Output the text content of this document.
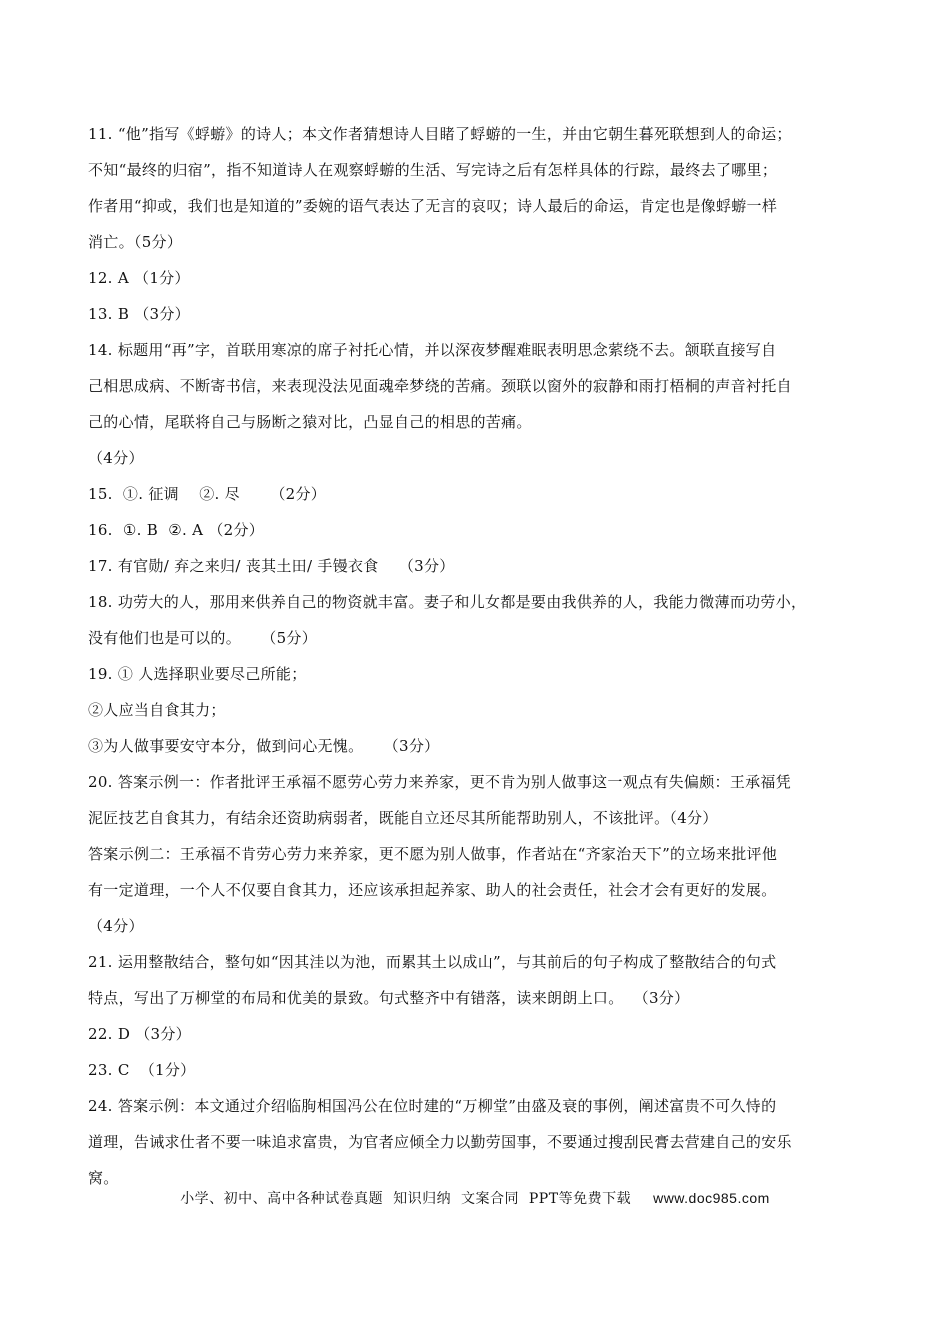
11. “他”指写《蜉蝣》的诗人；本文作者猜想诗人目睹了蜉蝣的一生，并由它朝生暮死联想到人的命运；
不知“最终的归宿”，指不知道诗人在观察蜉蝣的生活、写完诗之后有怎样具体的行踪，最终去了哪里；
作者用“抑或，我们也是知道的”委婉的语气表达了无言的哀叹；诗人最后的命运，肯定也是像蜉蝣一样
消亡。（5分）
12. A （1分）
13. B （3分）
14. 标题用“再”字，首联用寒凉的席子衬托心情，并以深夜梦醒难眠表明思念萦绕不去。颔联直接写自
己相思成病、不断寄书信，来表现没法见面魂牵梦绕的苦痛。颈联以窗外的寂静和雨打梧桐的声音衬托自
己的心情，尾联将自己与肠断之猿对比，凸显自己的相思的苦痛。
（4分）
15.  ①. 征调    ②. 尽      （2分）
16.  ①. B  ②. A （2分）
17. 有官勋/ 弃之来归/ 丧其土田/ 手镘衣食    （3分）
18. 功劳大的人，那用来供养自己的物资就丰富。妻子和儿女都是要由我供养的人，我能力微薄而功劳小，
没有他们也是可以的。    （5分）
19. ① 人选择职业要尽己所能；
②人应当自食其力；
③为人做事要安守本分，做到问心无愧。    （3分）
20. 答案示例一：作者批评王承福不愿劳心劳力来养家，更不肯为别人做事这一观点有失偏颇：王承福凭
泥匠技艺自食其力，有结余还资助病弱者，既能自立还尽其所能帮助别人，不该批评。（4分）
答案示例二：王承福不肯劳心劳力来养家，更不愿为别人做事，作者站在“齐家治天下”的立场来批评他
有一定道理，一个人不仅要自食其力，还应该承担起养家、助人的社会责任，社会才会有更好的发展。
（4分）
21. 运用整散结合，整句如“因其洼以为池，而累其土以成山”，与其前后的句子构成了整散结合的句式
特点，写出了万柳堂的布局和优美的景致。句式整齐中有错落，读来朗朗上口。  （3分）
22. D （3分）
23. C  （1分）
24. 答案示例：本文通过介绍临朐相国冯公在位时建的“万柳堂”由盛及衰的事例，阐述富贵不可久恃的
道理，告诫求仕者不要一味追求富贵，为官者应倾全力以勤劳国事，不要通过搜刮民膏去营建自己的安乐
窝。
小学、初中、高中各种试卷真题  知识归纳  文案合同  PPT等免费下载 www.doc985.com
